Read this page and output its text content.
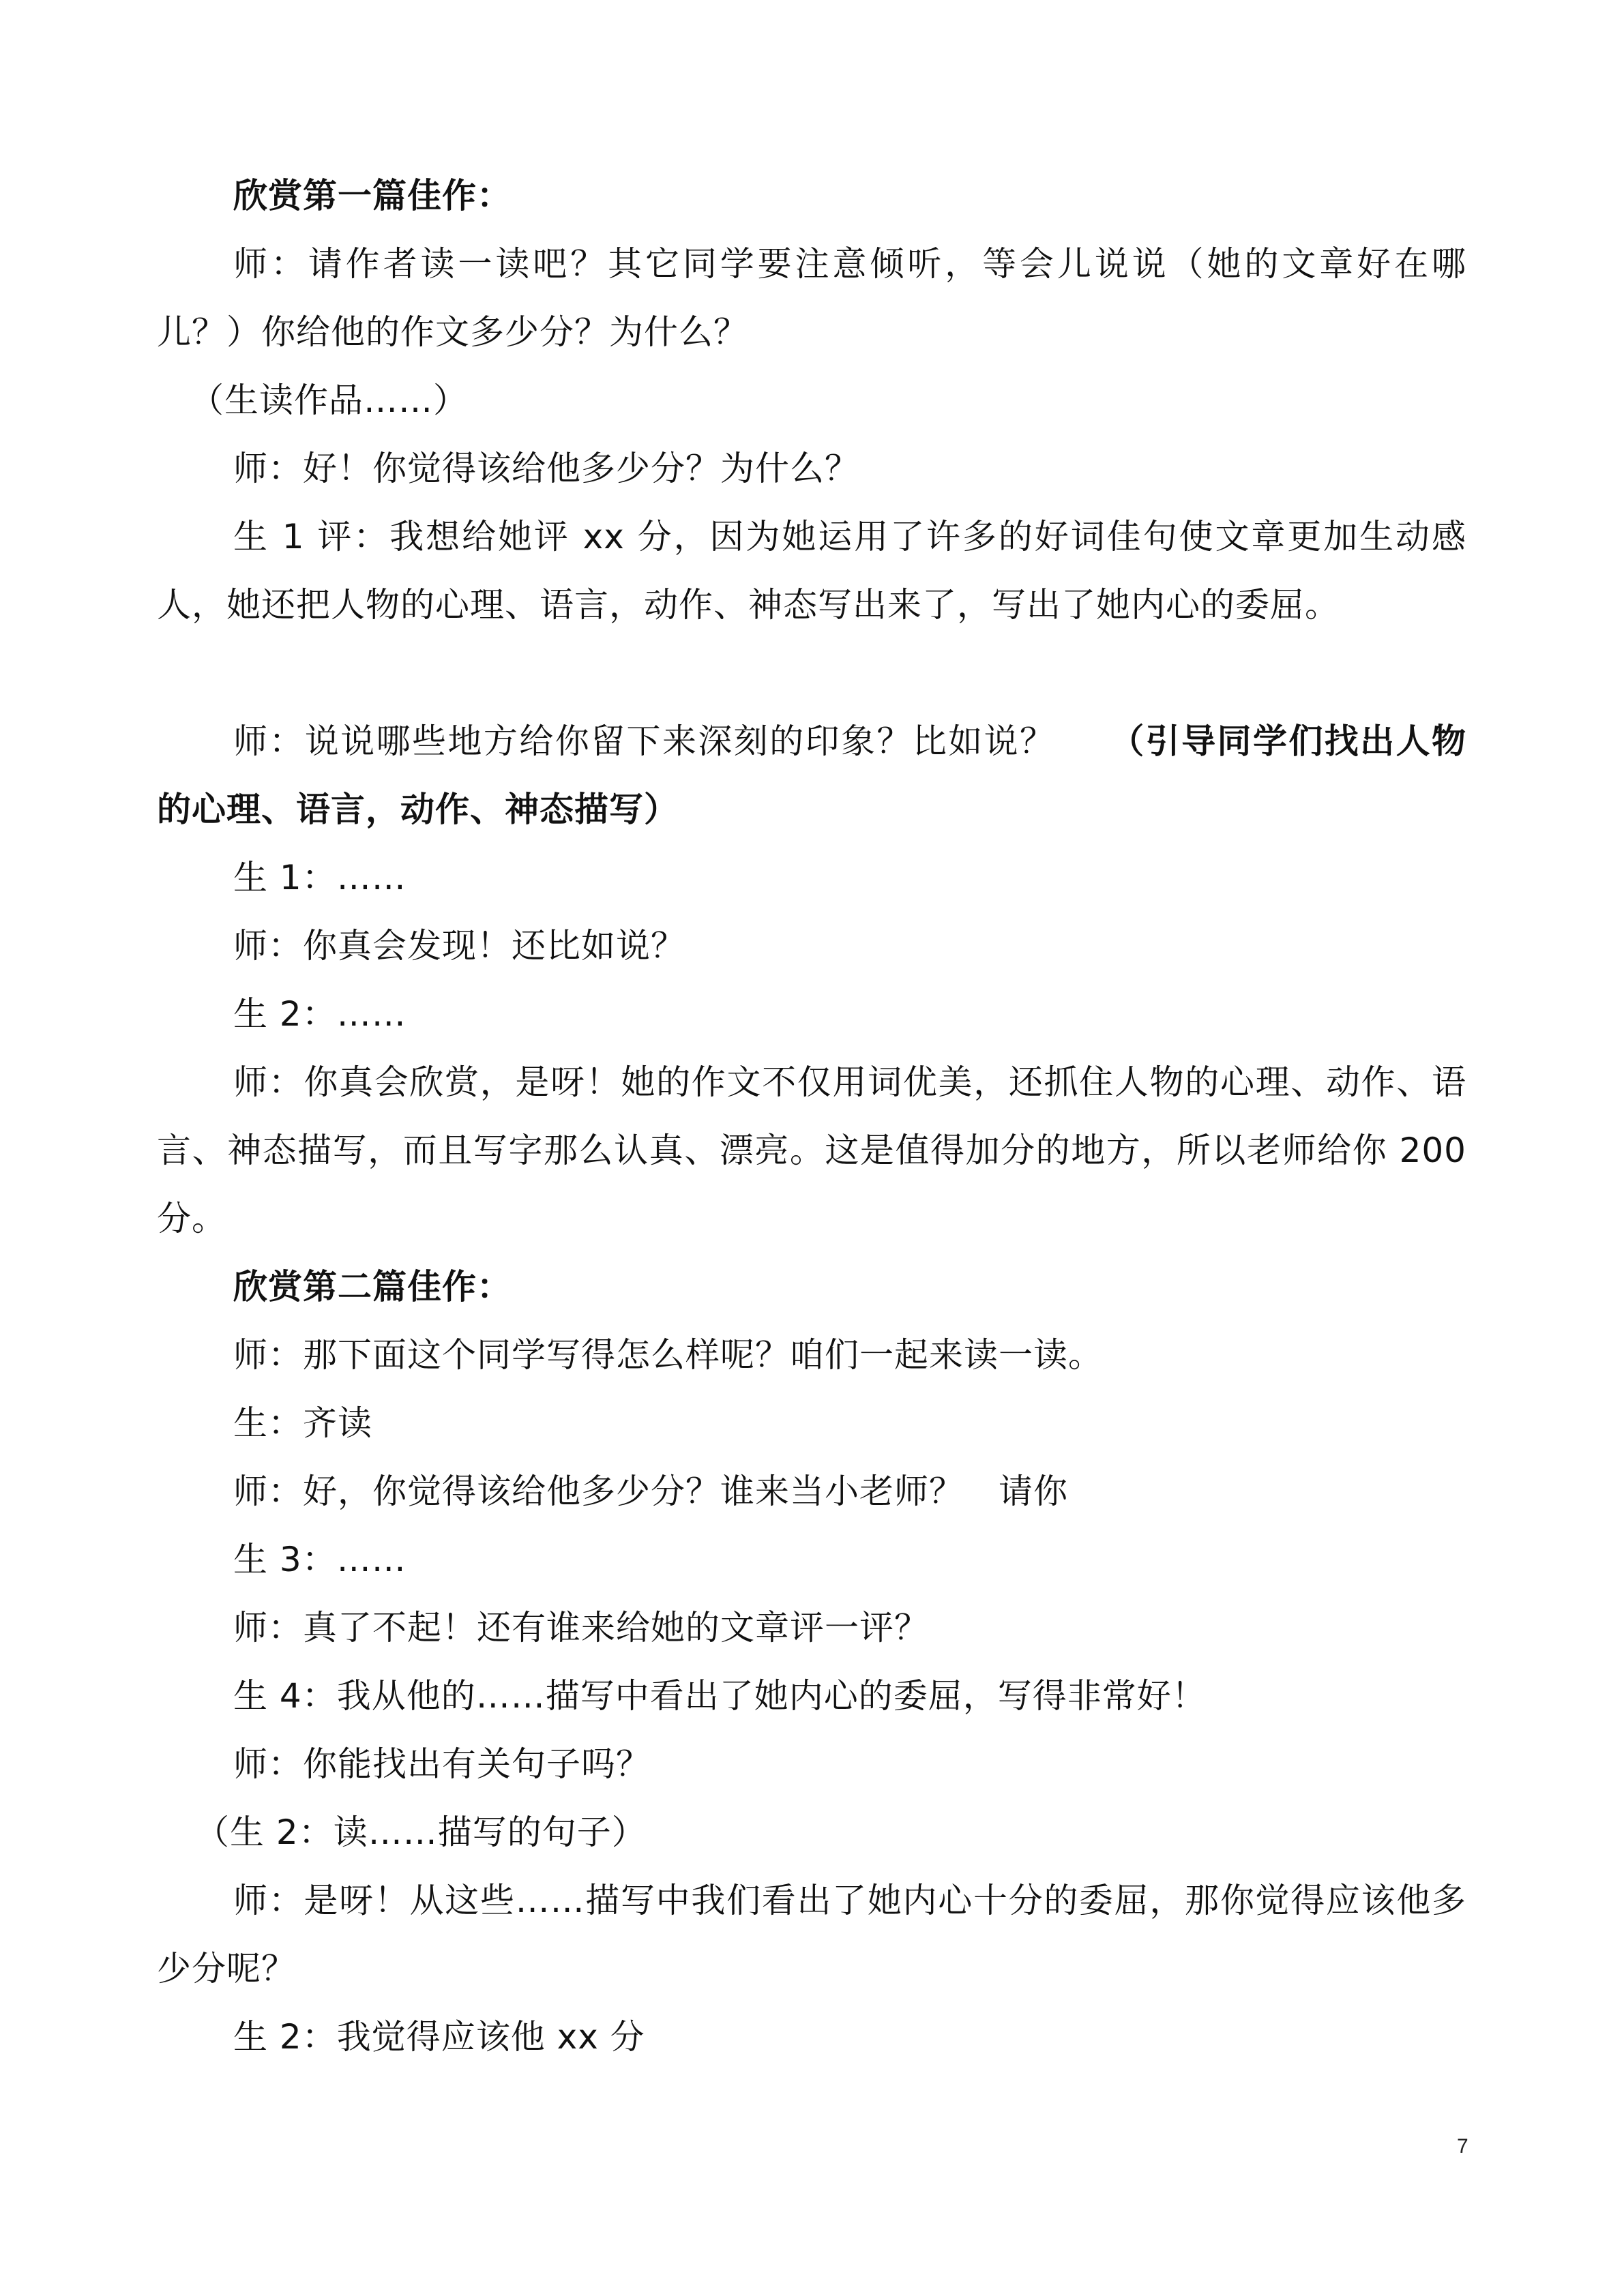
欣赏第一篇佳作：

师：请作者读一读吧？其它同学要注意倾听，等会儿说说（她的文章好在哪儿？）你给他的作文多少分？为什么？

（生读作品……）

师：好！你觉得该给他多少分？为什么？

生 1 评：我想给她评 xx 分，因为她运用了许多的好词佳句使文章更加生动感人，她还把人物的心理、语言，动作、神态写出来了，写出了她内心的委屈。

师：说说哪些地方给你留下来深刻的印象？比如说？　　（引导同学们找出人物的心理、语言，动作、神态描写）

生 1：……

师：你真会发现！还比如说？

生 2：……

师：你真会欣赏，是呀！她的作文不仅用词优美，还抓住人物的心理、动作、语言、神态描写，而且写字那么认真、漂亮。这是值得加分的地方，所以老师给你 200 分。

欣赏第二篇佳作：

师：那下面这个同学写得怎么样呢？咱们一起来读一读。

生：齐读

师：好，你觉得该给他多少分？谁来当小老师？　请你

生 3：……

师：真了不起！还有谁来给她的文章评一评？

生 4：我从他的……描写中看出了她内心的委屈，写得非常好！

师：你能找出有关句子吗？

（生 2：读……描写的句子）

师：是呀！从这些……描写中我们看出了她内心十分的委屈，那你觉得应该他多少分呢？

生 2：我觉得应该他 xx 分

7
